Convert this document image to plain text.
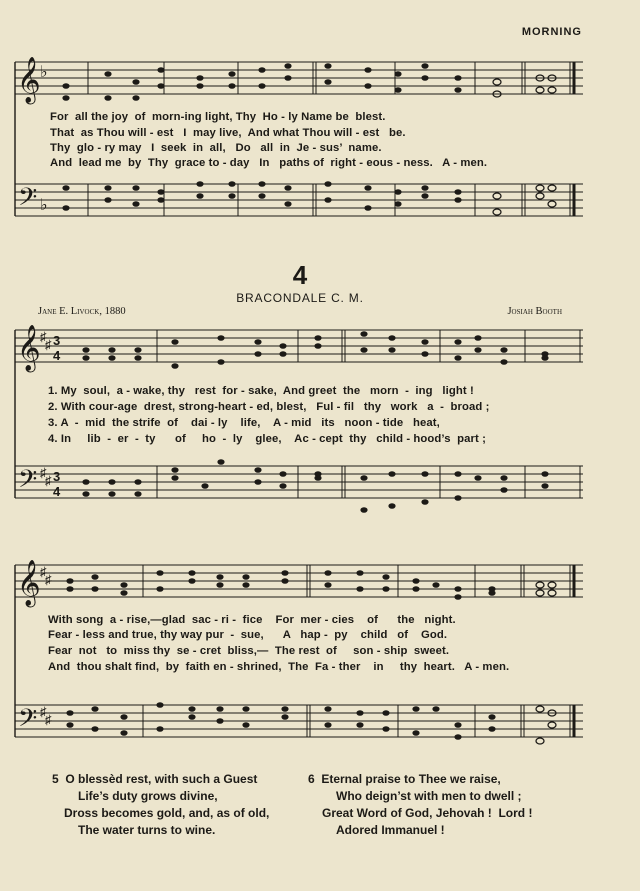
MORNING
𝄞
𝄢
♭
♭
𝄞
𝄢
♯
♯
♯
♯
3
4
3
4
𝄞
𝄢
♯
♯
♯
♯
For  all the joy  of  morn-ing light, Thy  Ho - ly Name be  blest.
That  as Thou will - est   I  may live,  And what Thou will - est   be.
Thy  glo - ry may   I  seek  in  all,   Do   all  in  Je - sus’  name.
And  lead me  by  Thy  grace to - day   In   paths of  right - eous - ness.   A - men.
4
BRACONDALE C. M.
Jane E. Livock, 1880	Josiah Booth
1. My  soul,  a - wake, thy   rest  for - sake,  And greet  the   morn  -  ing   light !
2. With cour-age  drest, strong-heart - ed, blest,   Ful - fil   thy   work   a  -  broad ;
3. A  -  mid  the strife  of    dai - ly    life,    A - mid   its   noon - tide   heat,
4. In     lib  -  er  -  ty      of     ho  -  ly    glee,    Ac - cept  thy   child - hood’s  part ;
With song  a - rise,—glad  sac - ri -  fice    For  mer - cies    of      the   night.
Fear - less and true, thy way pur  -  sue,      A   hap -  py    child   of    God.
Fear  not   to  miss thy  se - cret  bliss,—  The rest  of     son - ship  sweet.
And  thou shalt find,  by  faith en - shrined,  The  Fa - ther    in     thy  heart.   A - men.
5  O blessèd rest, with such a Guest
Life’s duty grows divine,
Dross becomes gold, and, as of old,
The water turns to wine.
6  Eternal praise to Thee we raise,
Who deign’st with men to dwell ;
Great Word of God, Jehovah !  Lord !
Adored Immanuel !
